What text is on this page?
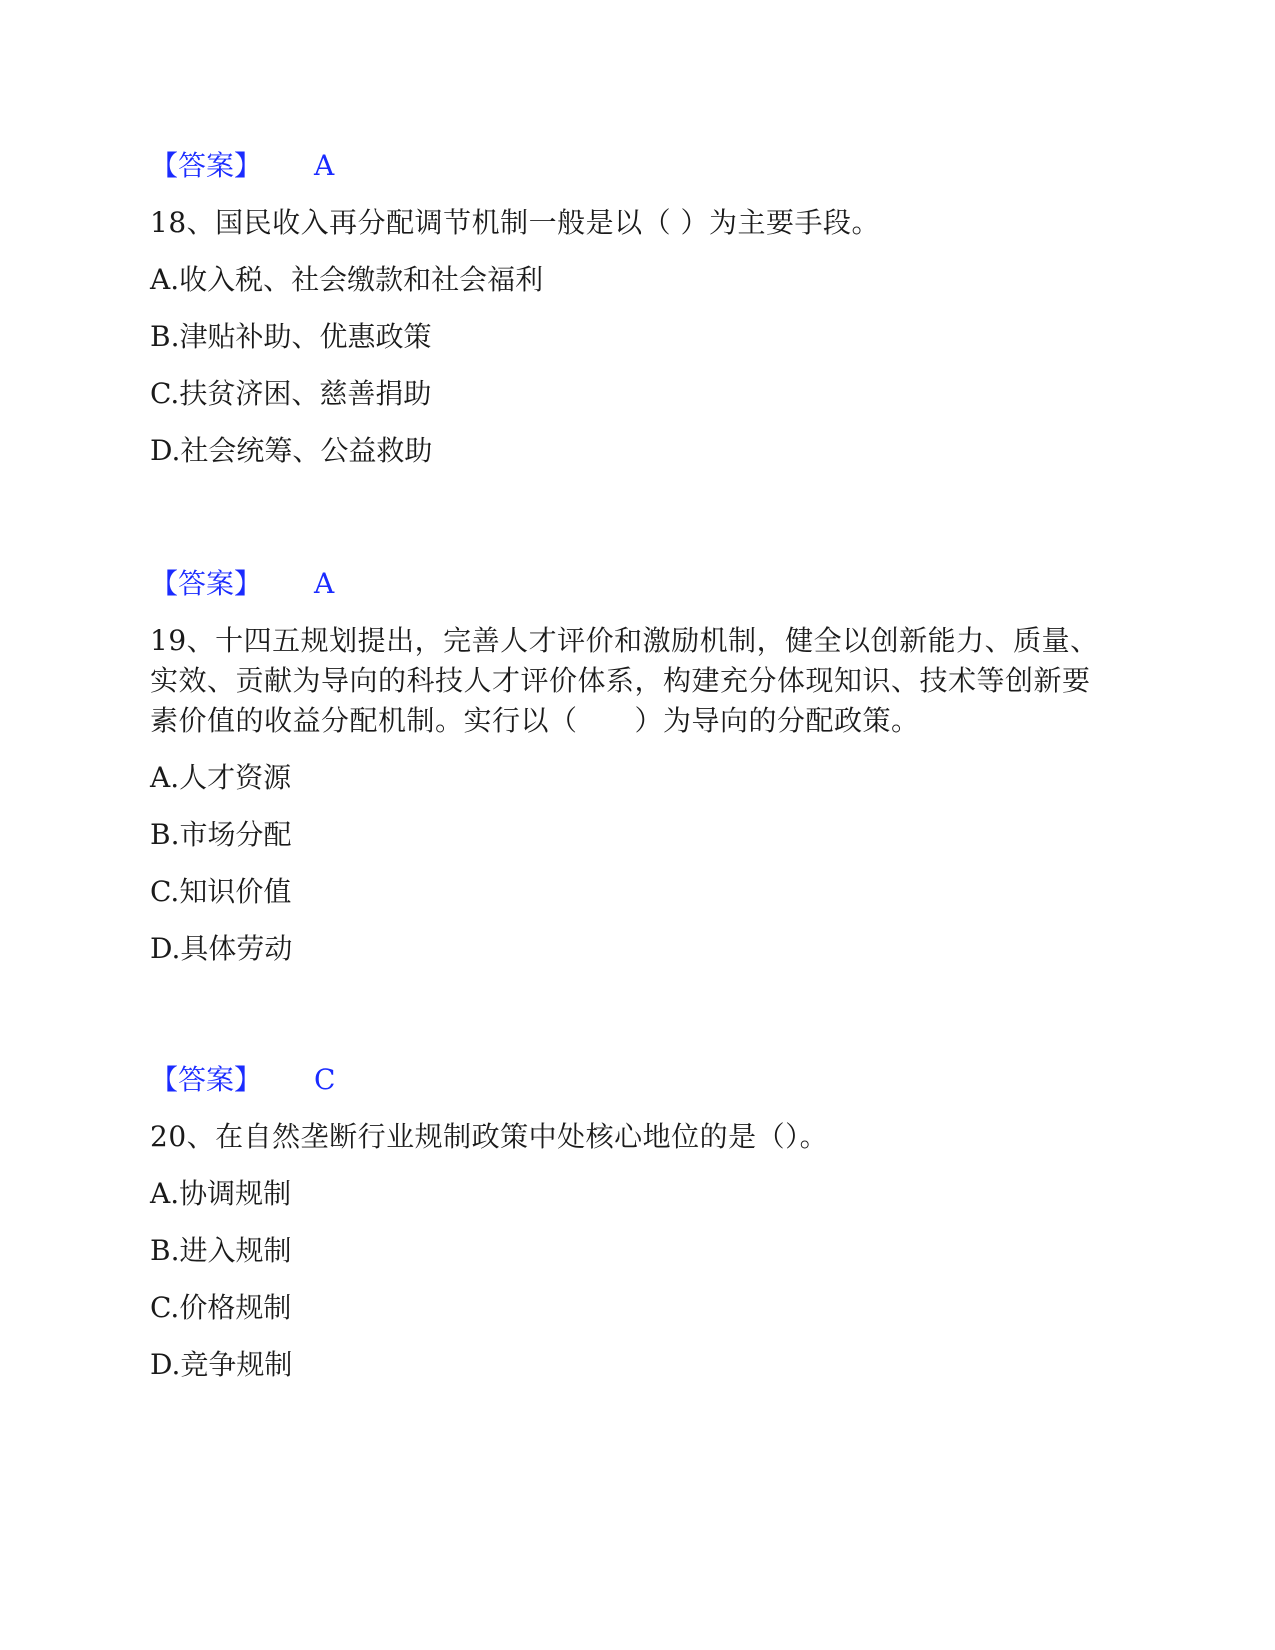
【答案】 A
18、国民收入再分配调节机制一般是以（ ）为主要手段。
A.收入税、社会缴款和社会福利
B.津贴补助、优惠政策
C.扶贫济困、慈善捐助
D.社会统筹、公益救助
【答案】 A
19、十四五规划提出，完善人才评价和激励机制，健全以创新能力、质量、实效、贡献为导向的科技人才评价体系，构建充分体现知识、技术等创新要素价值的收益分配机制。实行以（　　）为导向的分配政策。
A.人才资源
B.市场分配
C.知识价值
D.具体劳动
【答案】 C
20、在自然垄断行业规制政策中处核心地位的是（）。
A.协调规制
B.进入规制
C.价格规制
D.竞争规制
